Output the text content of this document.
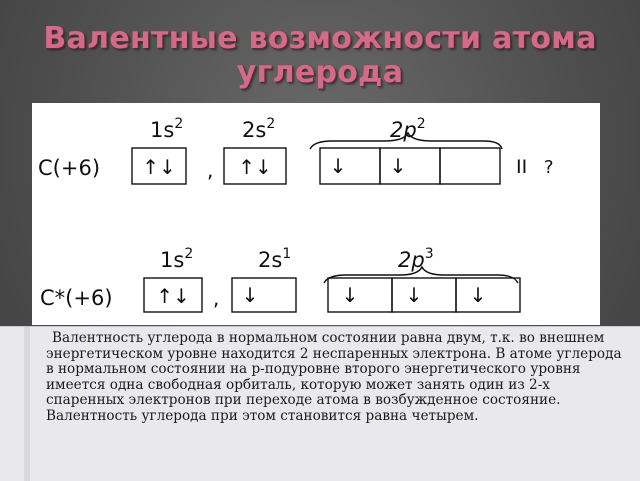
Валентные возможности атома
углерода
C(+6)
$1s^2$	$2s^2$	$2p^2$
↑↓ , ↑↓	↓ ↓	II ?
C*(+6)
$1s^2$	$2s^1$	$2p^3$
↑↓ , ↓	↓ ↓ ↓

Валентность углерода в нормальном состоянии равна двум, т.к. во внешнем энергетическом уровне находится 2 неспаренных электрона. В атоме углерода в нормальном состоянии на р-подуровне второго энергетического уровня имеется одна свободная орбиталь, которую может занять один из 2-х спаренных электронов при переходе атома в возбужденное состояние. Валентность углерода при этом становится равна четырем.
